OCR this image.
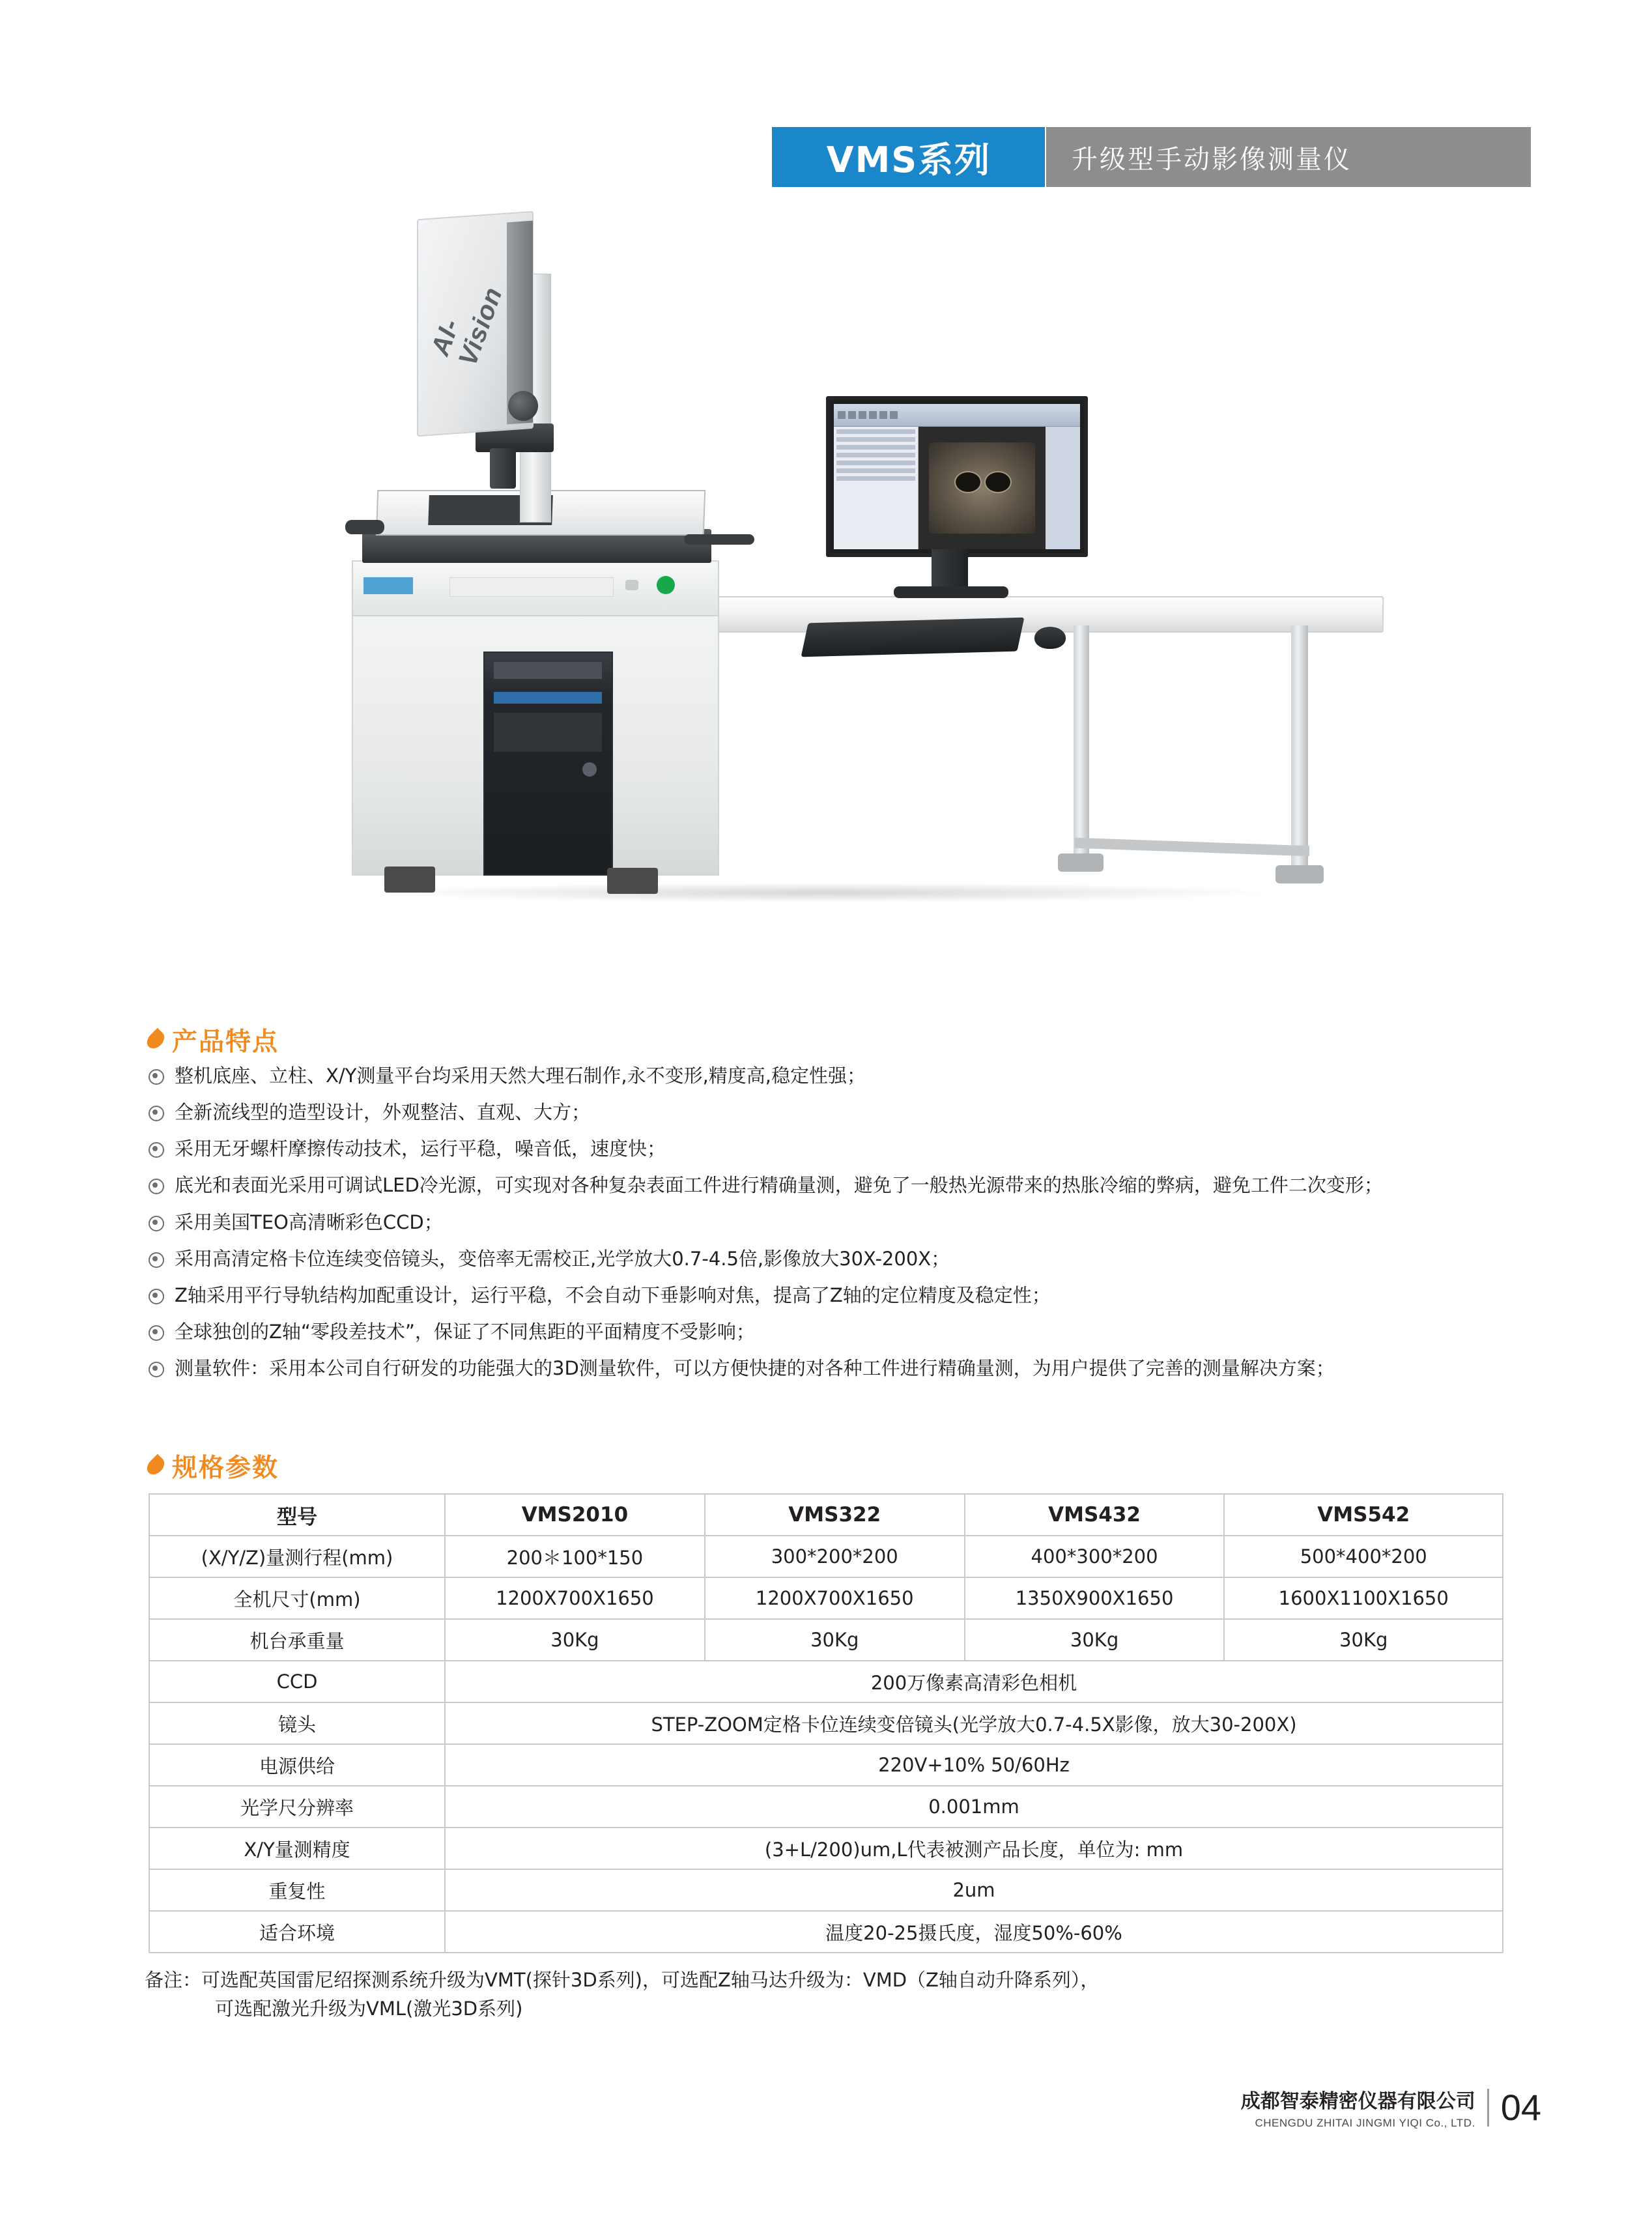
VMS系列	升级型手动影像测量仪
AI-Vision
产品特点
整机底座、立柱、X/Y测量平台均采用天然大理石制作,永不变形,精度高,稳定性强；
全新流线型的造型设计，外观整洁、直观、大方；
采用无牙螺杆摩擦传动技术，运行平稳，噪音低，速度快；
底光和表面光采用可调试LED冷光源，可实现对各种复杂表面工件进行精确量测，避免了一般热光源带来的热胀冷缩的弊病，避免工件二次变形；
采用美国TEO高清晰彩色CCD；
采用高清定格卡位连续变倍镜头，变倍率无需校正,光学放大0.7-4.5倍,影像放大30X-200X；
Z轴采用平行导轨结构加配重设计，运行平稳，不会自动下垂影响对焦，提高了Z轴的定位精度及稳定性；
全球独创的Z轴“零段差技术”，保证了不同焦距的平面精度不受影响；
测量软件：采用本公司自行研发的功能强大的3D测量软件，可以方便快捷的对各种工件进行精确量测，为用户提供了完善的测量解决方案；
规格参数
型号	VMS2010	VMS322	VMS432	VMS542
(X/Y/Z)量测行程(mm)	200＊100*150	300*200*200	400*300*200	500*400*200
全机尺寸(mm)	1200X700X1650	1200X700X1650	1350X900X1650	1600X1100X1650
机台承重量	30Kg	30Kg	30Kg	30Kg
CCD	200万像素高清彩色相机			
镜头	STEP-ZOOM定格卡位连续变倍镜头(光学放大0.7-4.5X影像，放大30-200X)			
电源供给	220V+10% 50/60Hz			
光学尺分辨率	0.001mm			
X/Y量测精度	(3+L/200)um,L代表被测产品长度，单位为: mm			
重复性	2um			
适合环境	温度20-25摄氏度，湿度50%-60%			
备注：可选配英国雷尼绍探测系统升级为VMT(探针3D系列)，可选配Z轴马达升级为：VMD（Z轴自动升降系列），
可选配激光升级为VML(激光3D系列)
成都智泰精密仪器有限公司
CHENGDU ZHITAI JINGMI YIQI Co., LTD. 04
